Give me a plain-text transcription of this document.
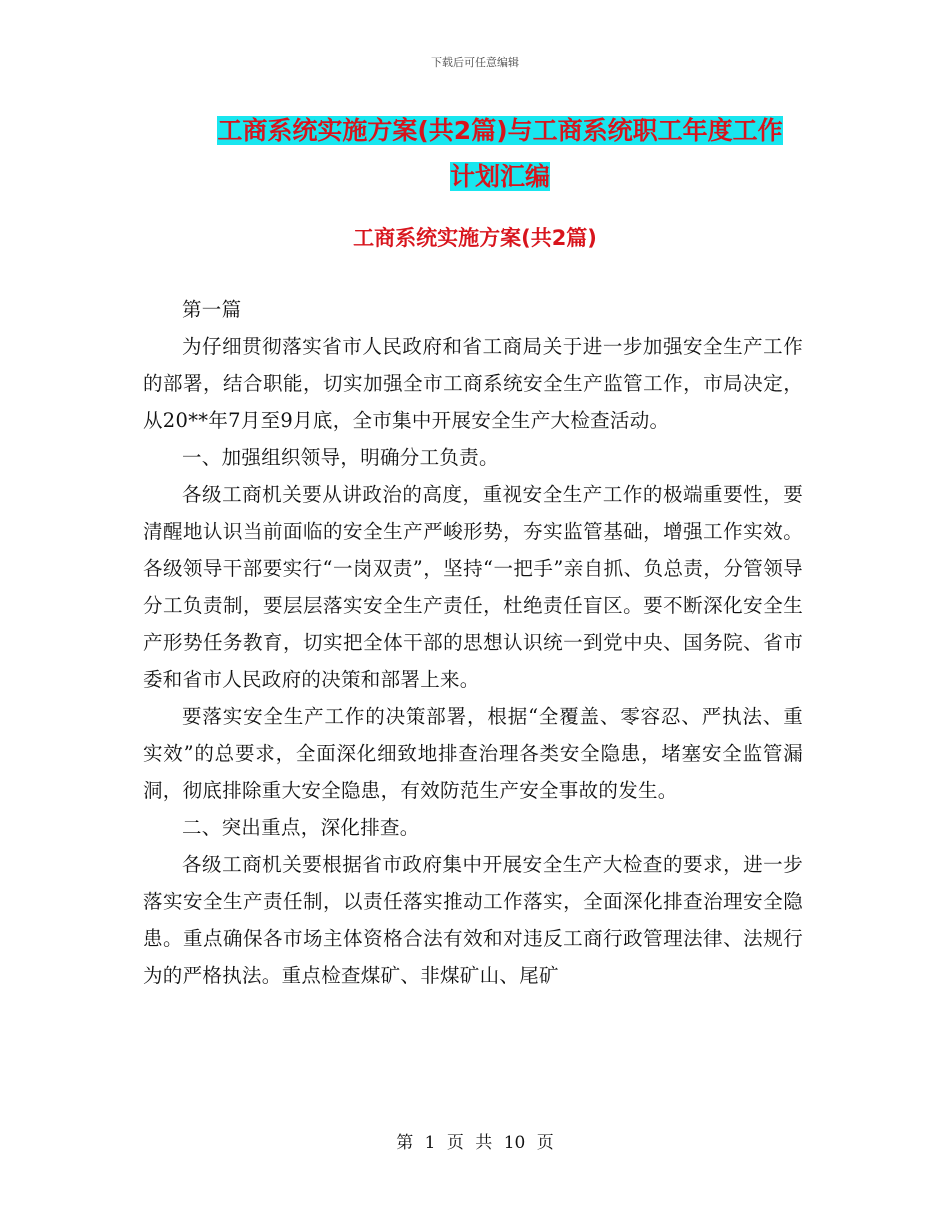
下载后可任意编辑
工商系统实施方案(共2篇)与工商系统职工年度工作
计划汇编
工商系统实施方案(共2篇)

第一篇

为仔细贯彻落实省市人民政府和省工商局关于进一步加强安全生产工作的部署，结合职能，切实加强全市工商系统安全生产监管工作，市局决定，从20**年7月至9月底，全市集中开展安全生产大检查活动。

一、加强组织领导，明确分工负责。

各级工商机关要从讲政治的高度，重视安全生产工作的极端重要性，要清醒地认识当前面临的安全生产严峻形势，夯实监管基础，增强工作实效。各级领导干部要实行“一岗双责”，坚持“一把手”亲自抓、负总责，分管领导分工负责制，要层层落实安全生产责任，杜绝责任盲区。要不断深化安全生产形势任务教育，切实把全体干部的思想认识统一到党中央、国务院、省市委和省市人民政府的决策和部署上来。

要落实安全生产工作的决策部署，根据“全覆盖、零容忍、严执法、重实效”的总要求，全面深化细致地排查治理各类安全隐患，堵塞安全监管漏洞，彻底排除重大安全隐患，有效防范生产安全事故的发生。

二、突出重点，深化排查。

各级工商机关要根据省市政府集中开展安全生产大检查的要求，进一步落实安全生产责任制，以责任落实推动工作落实，全面深化排查治理安全隐患。重点确保各市场主体资格合法有效和对违反工商行政管理法律、法规行为的严格执法。重点检查煤矿、非煤矿山、尾矿

第 1 页 共 10 页
